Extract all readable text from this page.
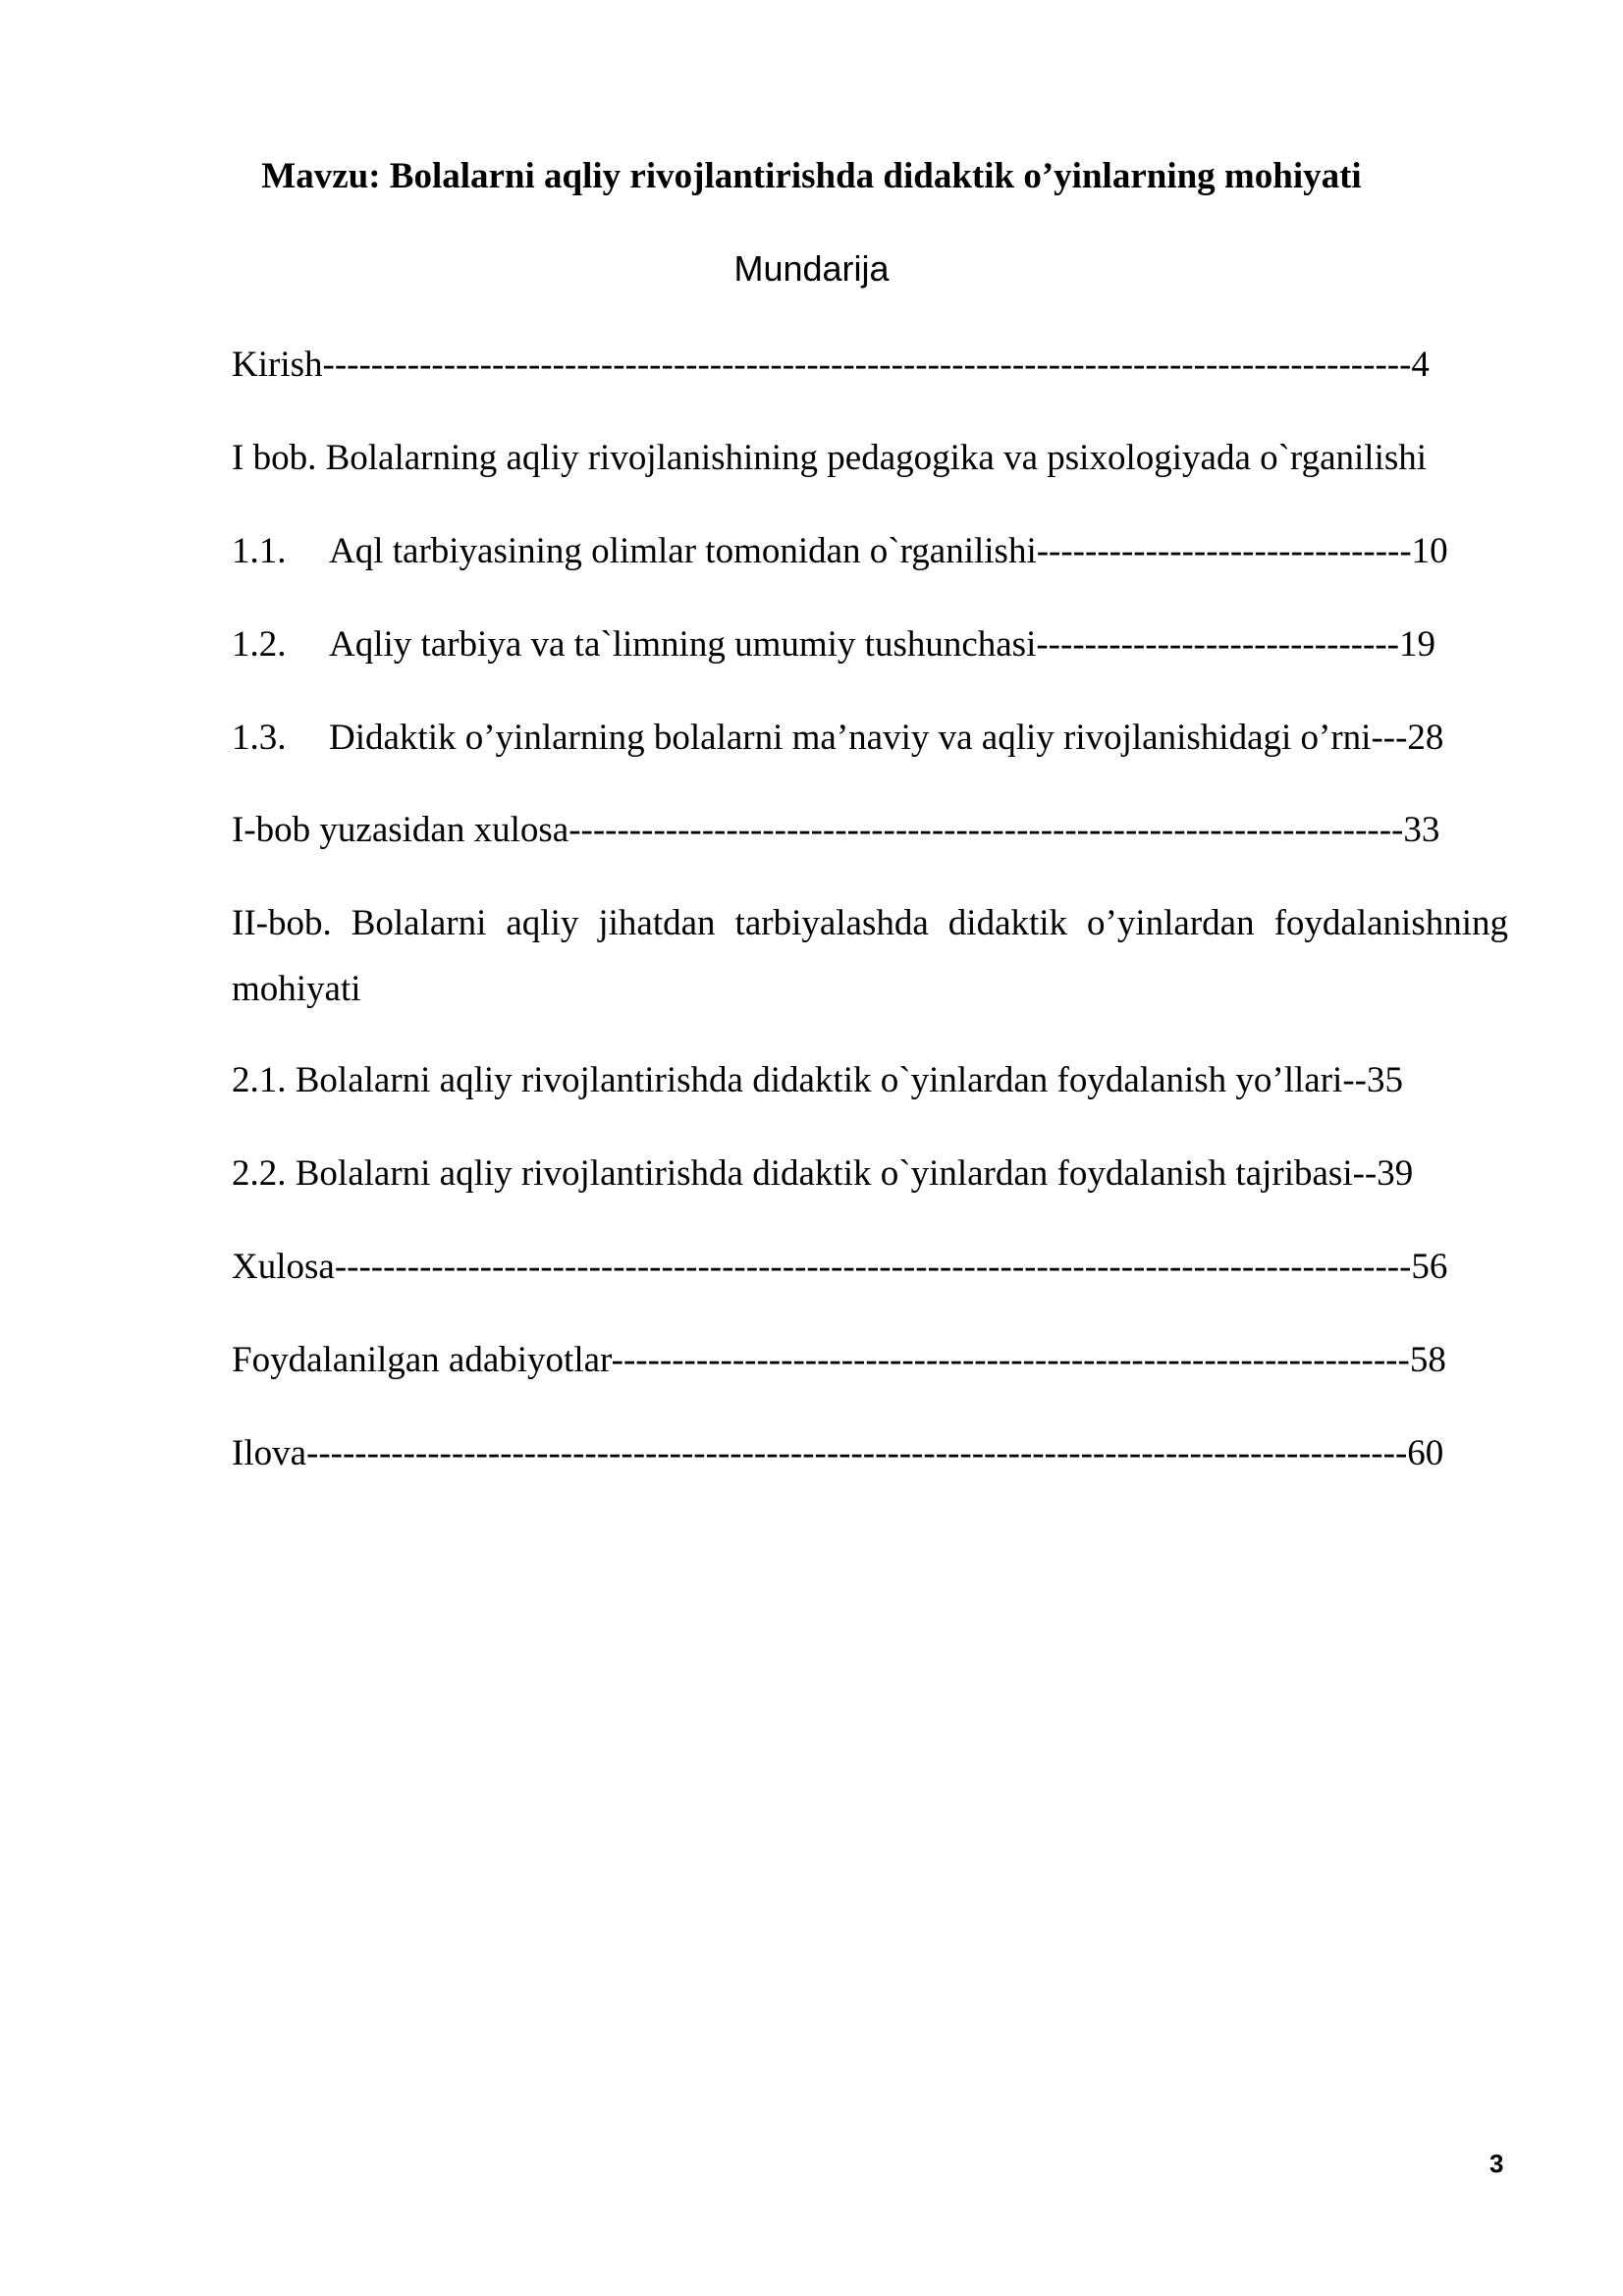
Mavzu: Bolalarni aqliy rivojlantirishda didaktik o’yinlarning mohiyati
Mundarija
Kirish------------------------------------------------------------------------------------------4
I bob. Bolalarning aqliy rivojlanishining pedagogika va psixologiyada o`rganilishi
1.1. Aql tarbiyasining olimlar tomonidan o`rganilishi-------------------------------10
1.2. Aqliy tarbiya va ta`limning umumiy tushunchasi------------------------------19
1.3. Didaktik o’yinlarning bolalarni ma’naviy va aqliy rivojlanishidagi o’rni---28
I-bob yuzasidan xulosa---------------------------------------------------------------------33
II-bob. Bolalarni aqliy jihatdan tarbiyalashda didaktik o’yinlardan foydalanishning mohiyati
2.1. Bolalarni aqliy rivojlantirishda didaktik o`yinlardan foydalanish yo’llari--35
2.2. Bolalarni aqliy rivojlantirishda didaktik o`yinlardan foydalanish tajribasi--39
Xulosa-----------------------------------------------------------------------------------------56
Foydalanilgan adabiyotlar------------------------------------------------------------------58
Ilova-------------------------------------------------------------------------------------------60
3
